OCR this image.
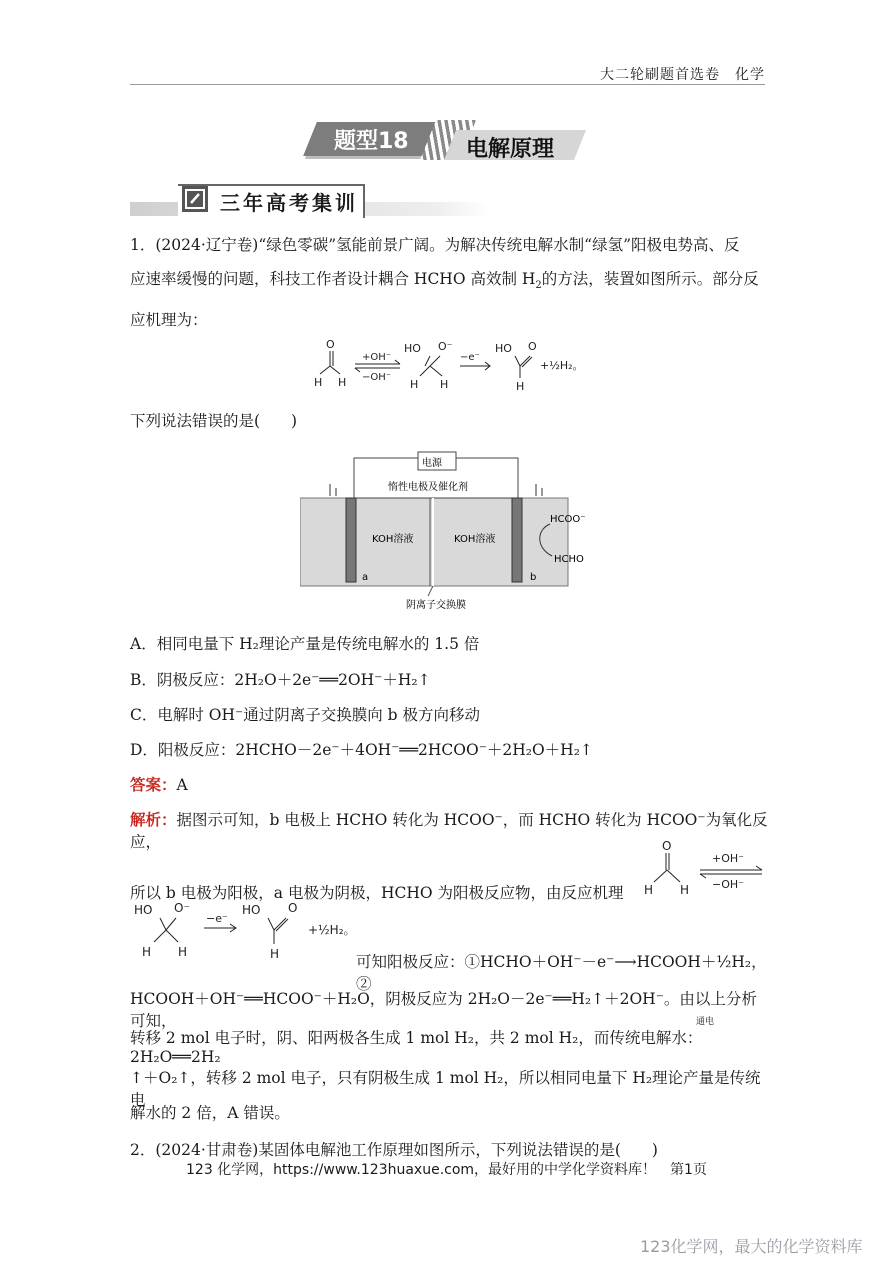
大二轮刷题首选卷　化学
题型18	电解原理
三年高考集训
1．(2024·辽宁卷)“绿色零碳”氢能前景广阔。为解决传统电解水制“绿氢”阳极电势高、反
应速率缓慢的问题，科技工作者设计耦合 HCHO 高效制 $H_2$的方法，装置如图所示。部分反
应机理为：
O
H H
+OH⁻
−OH⁻
HO O⁻
H H
−e⁻
HO O
H
+½H₂。
下列说法错误的是(　　)
电源
惰性电极及催化剂
KOH溶液	KOH溶液
a	b
HCOO⁻
HCHO
阴离子交换膜
A．相同电量下 H₂理论产量是传统电解水的 1.5 倍
B．阴极反应：2H₂O＋2e⁻══2OH⁻＋H₂↑
C．电解时 OH⁻通过阴离子交换膜向 b 极方向移动
D．阳极反应：2HCHO－2e⁻＋4OH⁻══2HCOO⁻＋2H₂O＋H₂↑
答案：A
解析：据图示可知，b 电极上 HCHO 转化为 HCOO⁻，而 HCHO 转化为 HCOO⁻为氧化反应，
所以 b 电极为阳极，a 电极为阴极，HCHO 为阳极反应物，由反应机理
O
H H
+OH⁻
−OH⁻
HO O⁻
H H
−e⁻
HO O
H
+½H₂。
可知阳极反应：①HCHO＋OH⁻－e⁻⟶HCOOH＋½H₂，②
HCOOH＋OH⁻══HCOO⁻＋H₂O，阴极反应为 2H₂O－2e⁻══H₂↑＋2OH⁻。由以上分析可知，
转移 2 mol 电子时，阴、阳两极各生成 1 mol H₂，共 2 mol H₂，而传统电解水：2H₂O══2H₂
通电
↑＋O₂↑，转移 2 mol 电子，只有阴极生成 1 mol H₂，所以相同电量下 H₂理论产量是传统电
解水的 2 倍，A 错误。
2．(2024·甘肃卷)某固体电解池工作原理如图所示，下列说法错误的是(　　)
123 化学网，https://www.123huaxue.com，最好用的中学化学资料库！　第1页
123化学网，最大的化学资料库
